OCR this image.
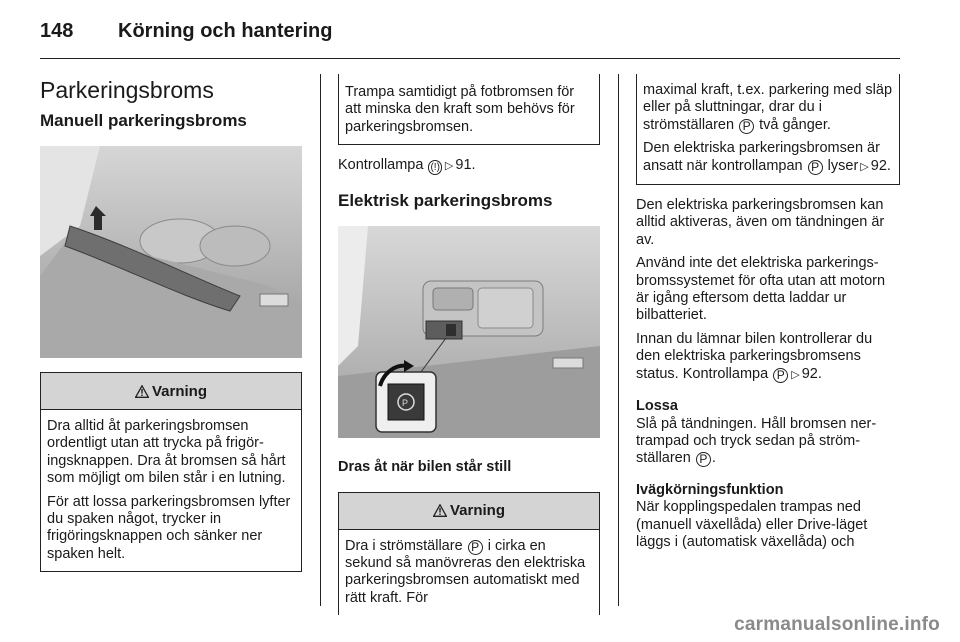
148 Körning och hantering
Parkeringsbroms
Manuell parkeringsbroms
Varning

Dra alltid åt parkeringsbromsen ordentligt utan att trycka på frigöringsknappen. Dra åt bromsen så hårt som möjligt om bilen står i en lutning.

För att lossa parkeringsbromsen lyfter du spaken något, trycker in frigöringsknappen och sänker ner spaken helt.

Trampa samtidigt på fotbromsen för att minska den kraft som behövs för parkeringsbromsen.

Kontrollampa (!) ▷ 91.

Elektrisk parkeringsbroms
P
Dras åt när bilen står still
Varning

Dra i strömställare P i cirka en sekund så manövreras den elektriska parkeringsbromsen automatiskt med rätt kraft. För

maximal kraft, t.ex. parkering med släp eller på sluttningar, drar du i strömställaren P två gånger.

Den elektriska parkeringsbromsen är ansatt när kontrollampan P lyser ▷ 92.

Den elektriska parkeringsbromsen kan alltid aktiveras, även om tändningen är av.

Använd inte det elektriska parkeringsbromssystemet för ofta utan att motorn är igång eftersom detta laddar ur bilbatteriet.

Innan du lämnar bilen kontrollerar du den elektriska parkeringsbromsens status. Kontrollampa P ▷ 92.

Lossa

Slå på tändningen. Håll bromsen nertrampad och tryck sedan på strömställaren P .

Ivägkörningsfunktion

När kopplingspedalen trampas ned (manuell växellåda) eller Drive-läget läggs i (automatisk växellåda) och

carmanualsonline.info
